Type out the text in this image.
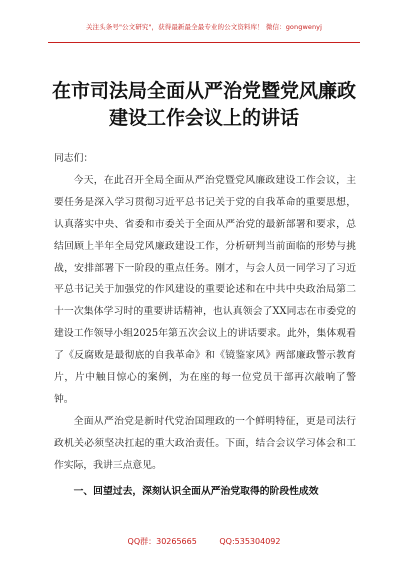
关注头条号"公文研究"，获得最新最全最专业的公文资料库！ 微信：gongwenyj
在市司法局全面从严治党暨党风廉政
建设工作会议上的讲话

同志们：

今天，在此召开全局全面从严治党暨党风廉政建设工作会议，主要任务是深入学习贯彻习近平总书记关于党的自我革命的重要思想，认真落实中央、省委和市委关于全面从严治党的最新部署和要求，总结回顾上半年全局党风廉政建设工作，分析研判当前面临的形势与挑战，安排部署下一阶段的重点任务。刚才，与会人员一同学习了习近平总书记关于加强党的作风建设的重要论述和在中共中央政治局第二十一次集体学习时的重要讲话精神，也认真领会了XX同志在市委党的建设工作领导小组2025年第五次会议上的讲话要求。此外，集体观看了《反腐败是最彻底的自我革命》和《镜鉴家风》两部廉政警示教育片，片中触目惊心的案例，为在座的每一位党员干部再次敲响了警钟。

全面从严治党是新时代党治国理政的一个鲜明特征，更是司法行政机关必须坚决扛起的重大政治责任。下面，结合会议学习体会和工作实际，我讲三点意见。

一、回望过去，深刻认识全面从严治党取得的阶段性成效

QQ群：30265665	QQ:535304092
